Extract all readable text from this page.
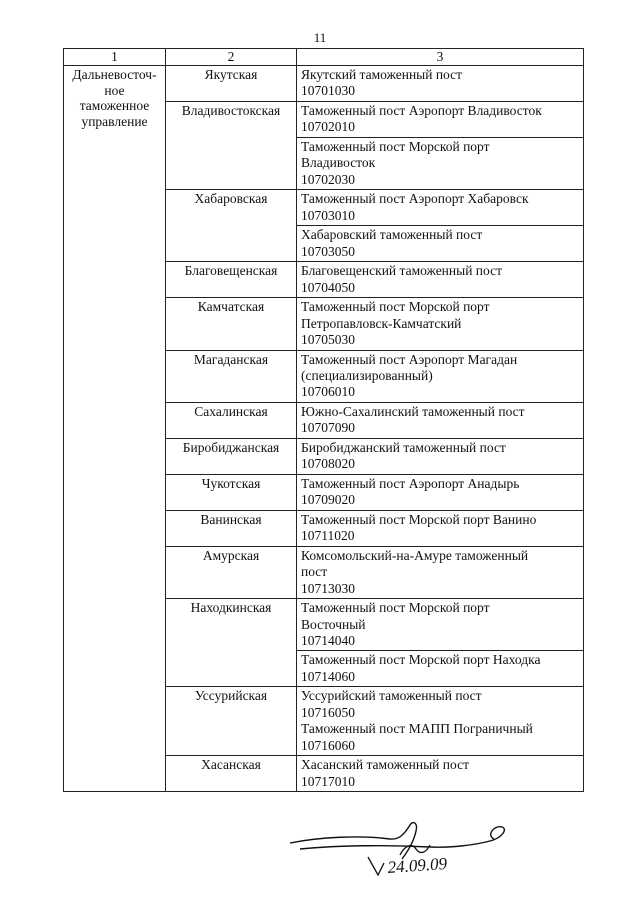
11
1	2	3

Дальневосточ-
ное
таможенное
управление	Якутская	Якутский таможенный пост
10701030

	Владивостокская	Таможенный пост Аэропорт Владивосток
10702010

		Таможенный пост Морской порт
Владивосток
10702030

	Хабаровская	Таможенный пост Аэропорт Хабаровск
10703010

		Хабаровский таможенный пост
10703050

	Благовещенская	Благовещенский таможенный пост
10704050

	Камчатская	Таможенный пост Морской порт
Петропавловск-Камчатский
10705030

	Магаданская	Таможенный пост Аэропорт Магадан
(специализированный)
10706010

	Сахалинская	Южно-Сахалинский таможенный пост
10707090

	Биробиджанская	Биробиджанский таможенный пост
10708020

	Чукотская	Таможенный пост Аэропорт Анадырь
10709020

	Ванинская	Таможенный пост Морской порт Ванино
10711020

	Амурская	Комсомольский-на-Амуре таможенный
пост
10713030

	Находкинская	Таможенный пост Морской порт
Восточный
10714040

		Таможенный пост Морской порт Находка
10714060

	Уссурийская	Уссурийский таможенный пост
10716050
Таможенный пост МАПП Пограничный
10716060

	Хасанская	Хасанский таможенный пост
10717010
24.09.09
